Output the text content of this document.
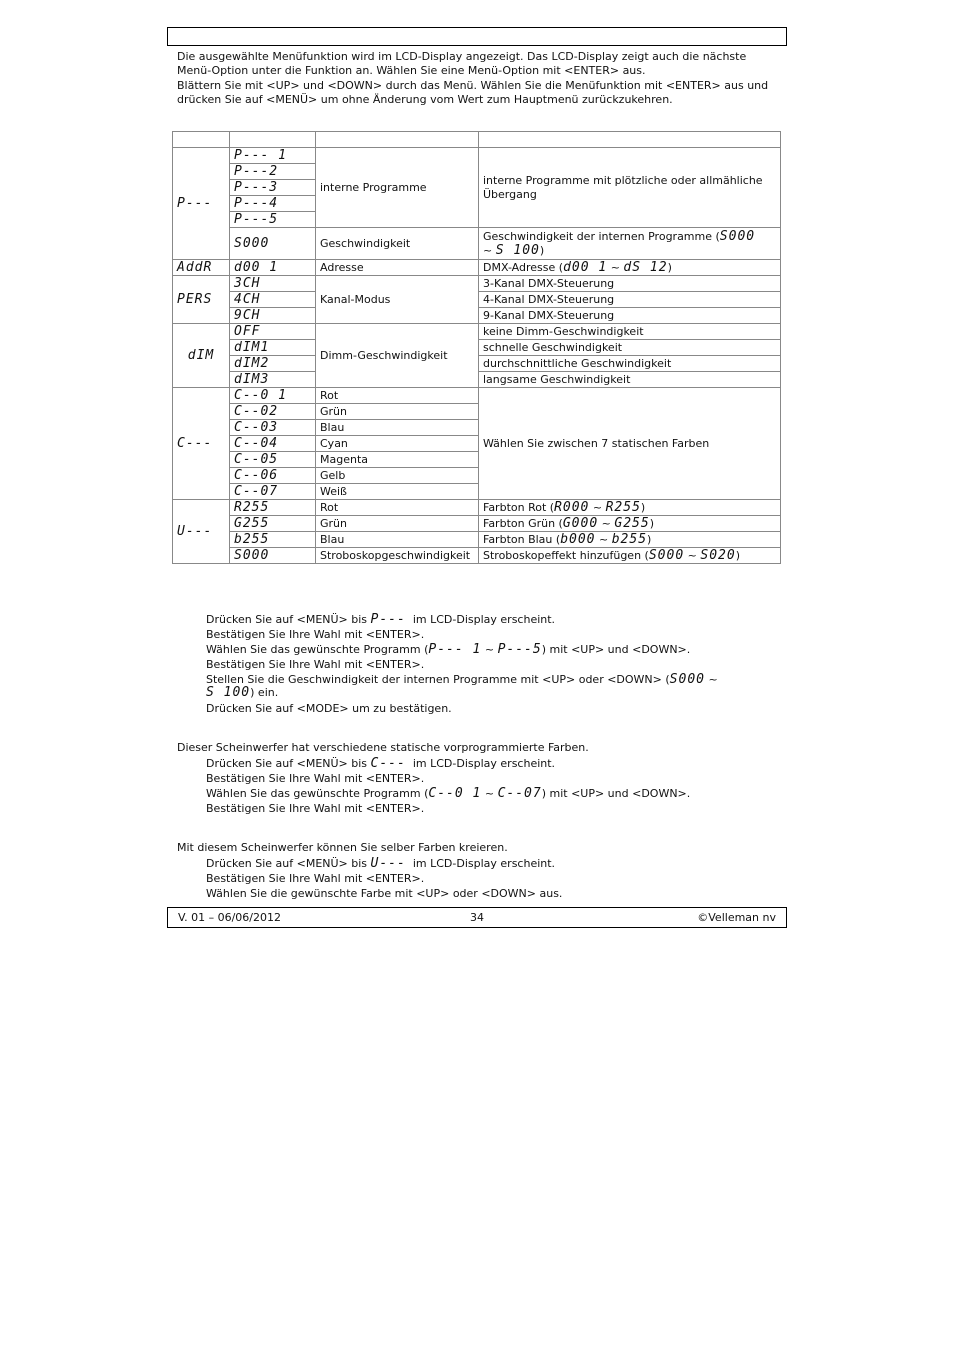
Die ausgewählte Menüfunktion wird im LCD-Display angezeigt. Das LCD-Display zeigt auch die nächste Menü-Option unter die Funktion an. Wählen Sie eine Menü-Option mit <ENTER> aus.

Blättern Sie mit <UP> und <DOWN> durch das Menü. Wählen Sie die Menüfunktion mit <ENTER> aus und drücken Sie auf <MENÜ> um ohne Änderung vom Wert zum Hauptmenü zurückzukehren.

P---	P--- 1	interne Programme	interne Programme mit plötzliche oder allmähliche Übergang
	P---2		
	P---3		
	P---4		
	P---5		
	S000	Geschwindigkeit	Geschwindigkeit der internen Programme (S000
~ S 100)
AddR	d00 1	Adresse	DMX-Adresse (d00 1 ~ dS 12)
PERS	3CH	Kanal-Modus	3-Kanal DMX-Steuerung
	4CH		4-Kanal DMX-Steuerung
	9CH		9-Kanal DMX-Steuerung
dIM	OFF	Dimm-Geschwindigkeit	keine Dimm-Geschwindigkeit
	dIM1		schnelle Geschwindigkeit
	dIM2		durchschnittliche Geschwindigkeit
	dIM3		langsame Geschwindigkeit
C---	C--0 1	Rot	Wählen Sie zwischen 7 statischen Farben
	C--02	Grün	
	C--03	Blau	
	C--04	Cyan	
	C--05	Magenta	
	C--06	Gelb	
	C--07	Weiß	
U---	R255	Rot	Farbton Rot (R000 ~ R255)
	G255	Grün	Farbton Grün (G000 ~ G255)
	b255	Blau	Farbton Blau (b000 ~ b255)
	S000	Stroboskopgeschwindigkeit	Stroboskopeffekt hinzufügen (S000 ~ S020)
Drücken Sie auf <MENÜ> bis P--- im LCD-Display erscheint.
Bestätigen Sie Ihre Wahl mit <ENTER>.
Wählen Sie das gewünschte Programm (P--- 1 ~ P---5) mit <UP> und <DOWN>.
Bestätigen Sie Ihre Wahl mit <ENTER>.
Stellen Sie die Geschwindigkeit der internen Programme mit <UP> oder <DOWN> (S000 ~
S 100) ein.
Drücken Sie auf <MODE> um zu bestätigen.

Dieser Scheinwerfer hat verschiedene statische vorprogrammierte Farben.

Drücken Sie auf <MENÜ> bis C--- im LCD-Display erscheint.
Bestätigen Sie Ihre Wahl mit <ENTER>.
Wählen Sie das gewünschte Programm (C--0 1 ~ C--07) mit <UP> und <DOWN>.
Bestätigen Sie Ihre Wahl mit <ENTER>.

Mit diesem Scheinwerfer können Sie selber Farben kreieren.

Drücken Sie auf <MENÜ> bis U--- im LCD-Display erscheint.
Bestätigen Sie Ihre Wahl mit <ENTER>.
Wählen Sie die gewünschte Farbe mit <UP> oder <DOWN> aus.
V. 01 – 06/06/2012	34	©Velleman nv
